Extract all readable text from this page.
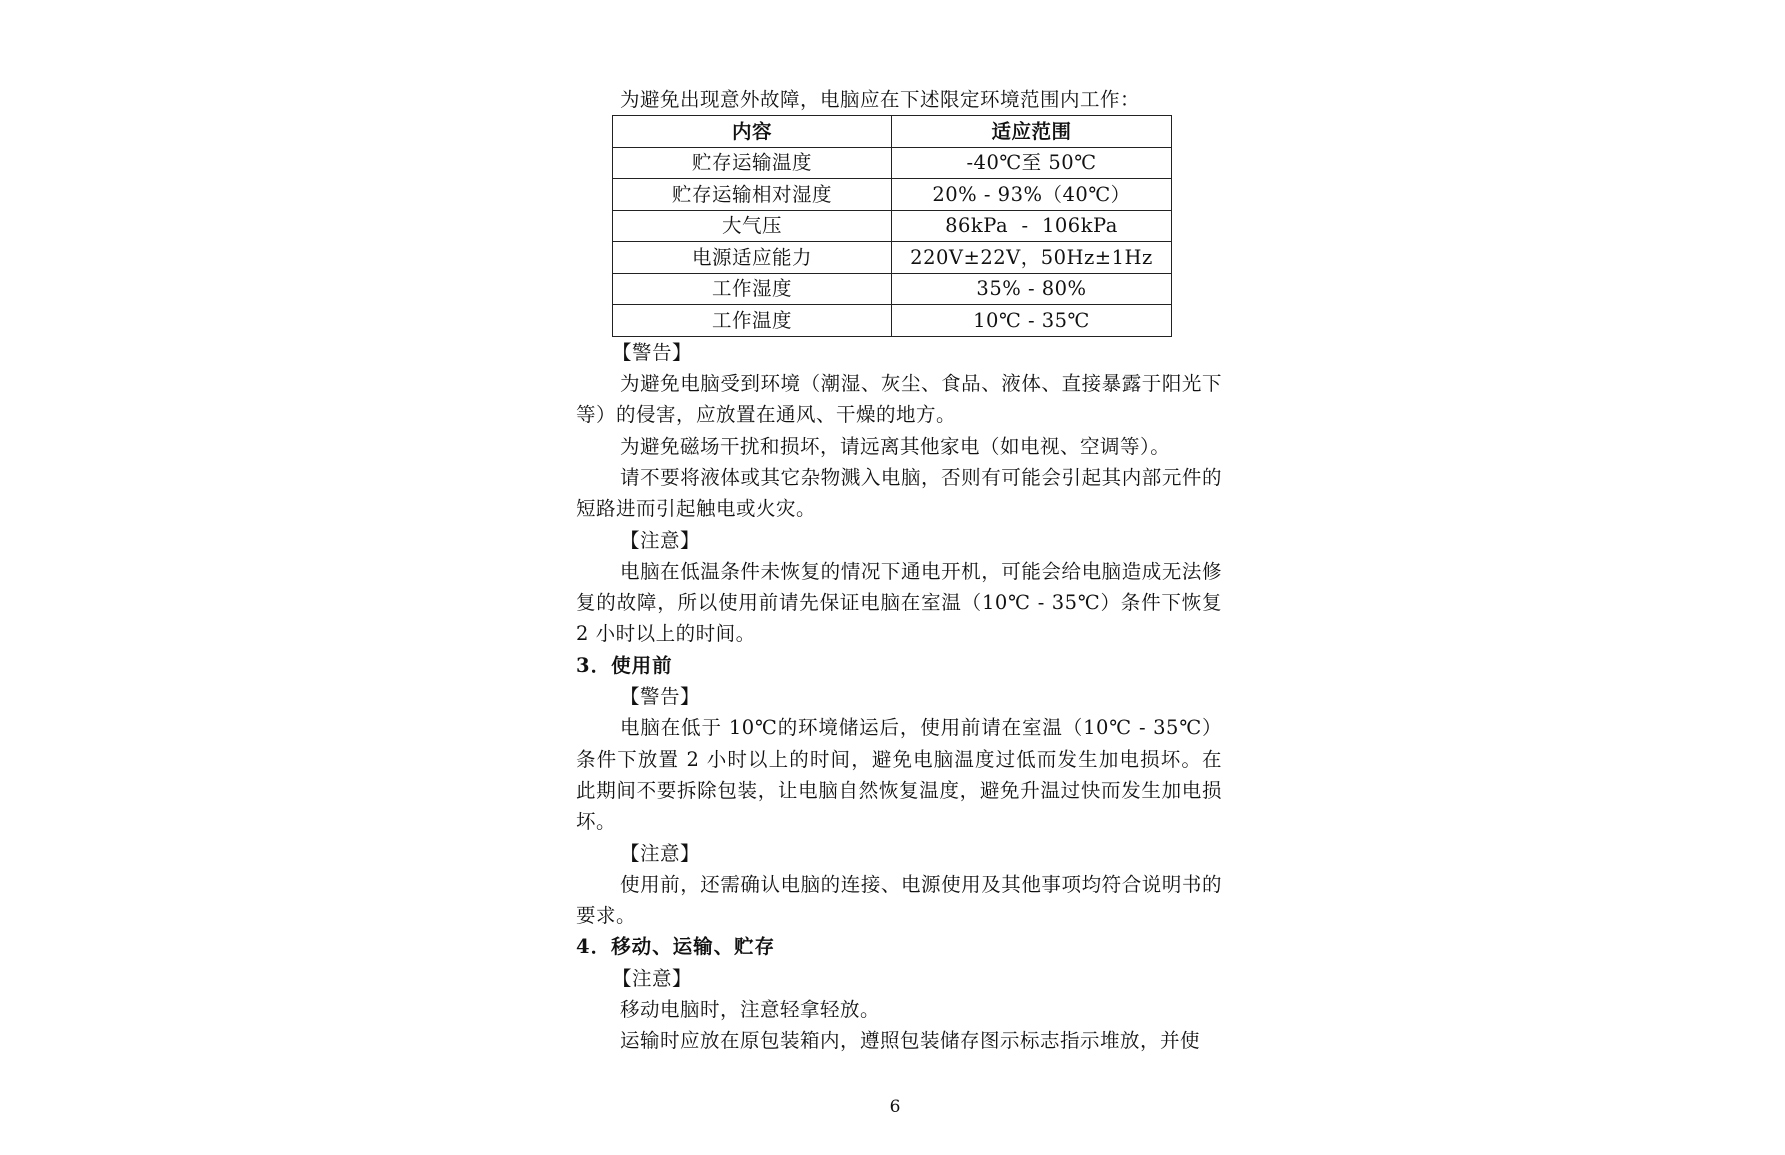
为避免出现意外故障，电脑应在下述限定环境范围内工作：

内容	适应范围
贮存运输温度	-40℃至 50℃
贮存运输相对湿度	20% - 93%（40℃）
大气压	86kPa  -  106kPa
电源适应能力	220V±22V，50Hz±1Hz
工作湿度	35% - 80%
工作温度	10℃ - 35℃

【警告】

为避免电脑受到环境（潮湿、灰尘、食品、液体、直接暴露于阳光下等）的侵害，应放置在通风、干燥的地方。

为避免磁场干扰和损坏，请远离其他家电（如电视、空调等）。

请不要将液体或其它杂物溅入电脑，否则有可能会引起其内部元件的短路进而引起触电或火灾。

【注意】

电脑在低温条件未恢复的情况下通电开机，可能会给电脑造成无法修复的故障，所以使用前请先保证电脑在室温（10℃ - 35℃）条件下恢复 2 小时以上的时间。

3．使用前

【警告】

电脑在低于 10℃的环境储运后，使用前请在室温（10℃ - 35℃）条件下放置 2 小时以上的时间，避免电脑温度过低而发生加电损坏。在此期间不要拆除包装，让电脑自然恢复温度，避免升温过快而发生加电损坏。

【注意】

使用前，还需确认电脑的连接、电源使用及其他事项均符合说明书的要求。

4．移动、运输、贮存

【注意】

移动电脑时，注意轻拿轻放。

运输时应放在原包装箱内，遵照包装储存图示标志指示堆放，并使

6
